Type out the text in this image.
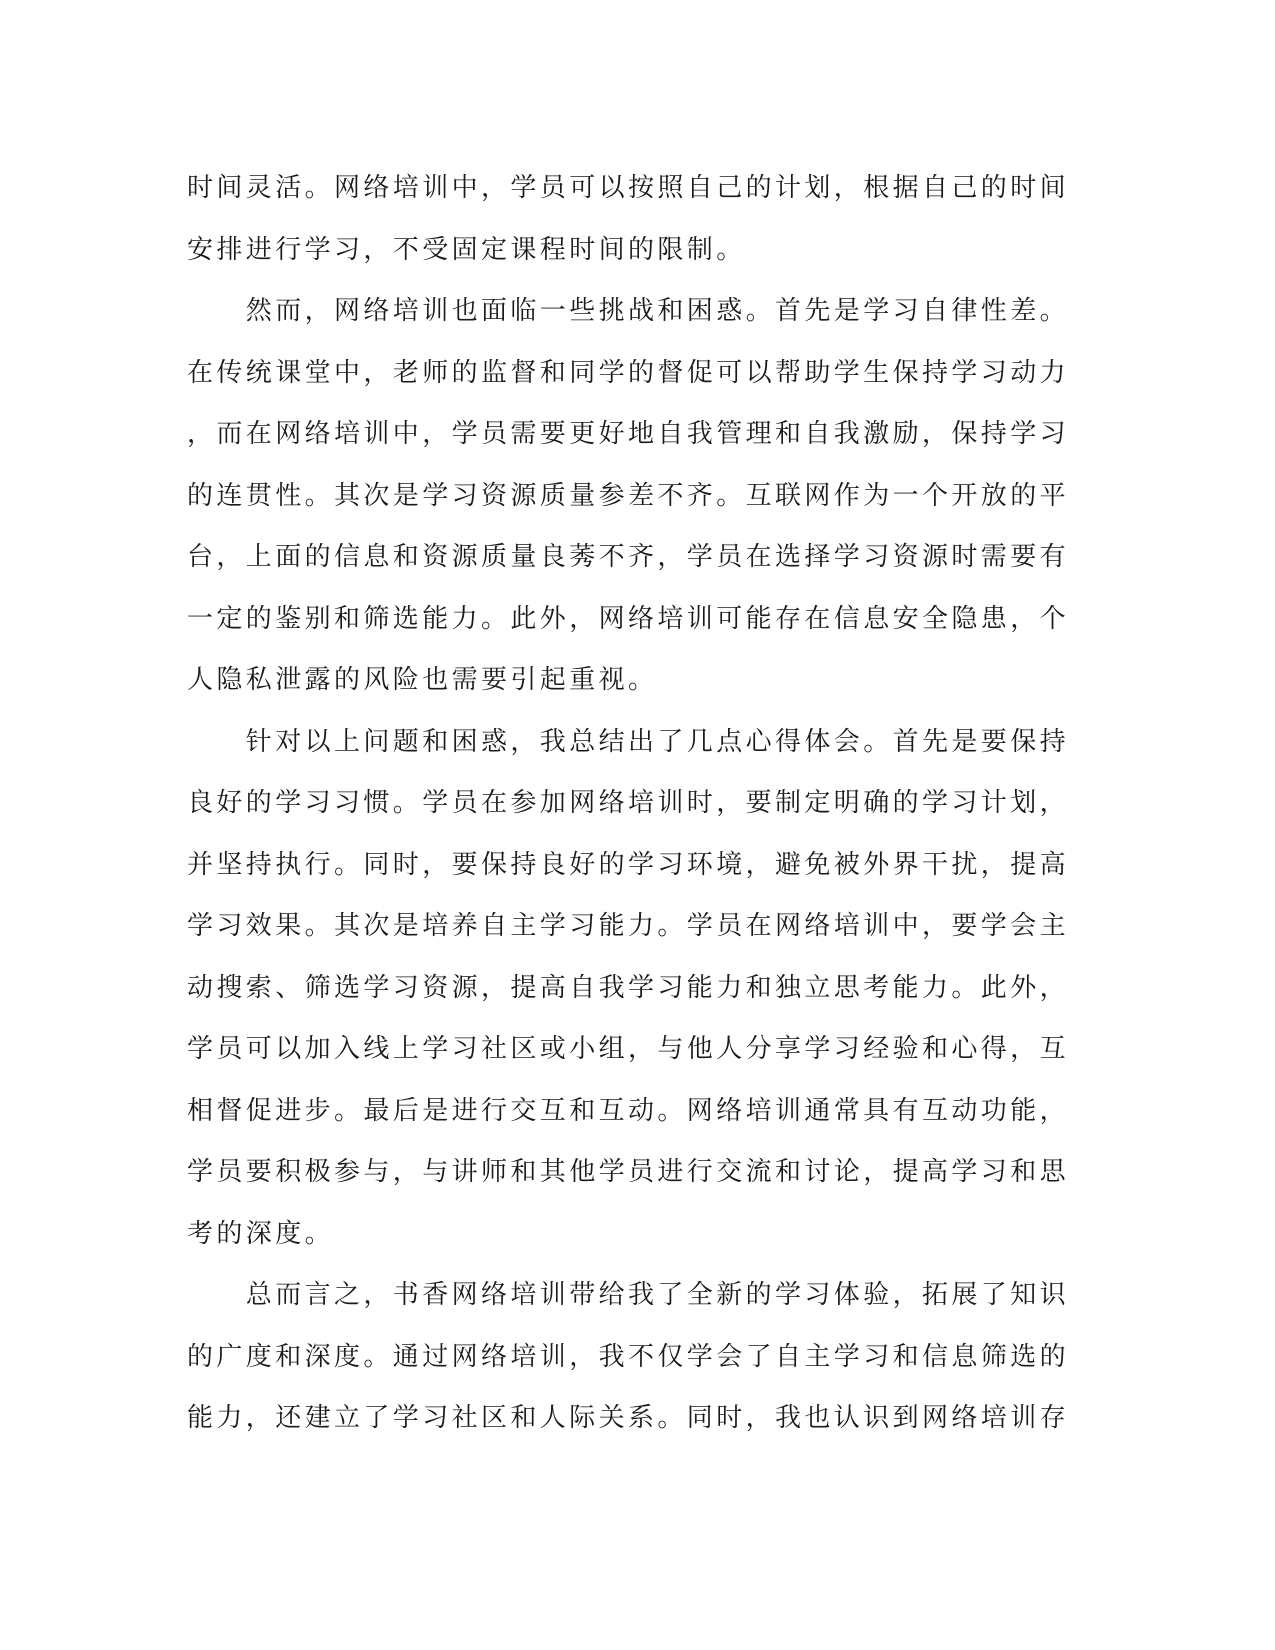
时间灵活。网络培训中，学员可以按照自己的计划，根据自己的时间
安排进行学习，不受固定课程时间的限制。
　　然而，网络培训也面临一些挑战和困惑。首先是学习自律性差。
在传统课堂中，老师的监督和同学的督促可以帮助学生保持学习动力
，而在网络培训中，学员需要更好地自我管理和自我激励，保持学习
的连贯性。其次是学习资源质量参差不齐。互联网作为一个开放的平
台，上面的信息和资源质量良莠不齐，学员在选择学习资源时需要有
一定的鉴别和筛选能力。此外，网络培训可能存在信息安全隐患，个
人隐私泄露的风险也需要引起重视。
　　针对以上问题和困惑，我总结出了几点心得体会。首先是要保持
良好的学习习惯。学员在参加网络培训时，要制定明确的学习计划，
并坚持执行。同时，要保持良好的学习环境，避免被外界干扰，提高
学习效果。其次是培养自主学习能力。学员在网络培训中，要学会主
动搜索、筛选学习资源，提高自我学习能力和独立思考能力。此外，
学员可以加入线上学习社区或小组，与他人分享学习经验和心得，互
相督促进步。最后是进行交互和互动。网络培训通常具有互动功能，
学员要积极参与，与讲师和其他学员进行交流和讨论，提高学习和思
考的深度。
　　总而言之，书香网络培训带给我了全新的学习体验，拓展了知识
的广度和深度。通过网络培训，我不仅学会了自主学习和信息筛选的
能力，还建立了学习社区和人际关系。同时，我也认识到网络培训存
